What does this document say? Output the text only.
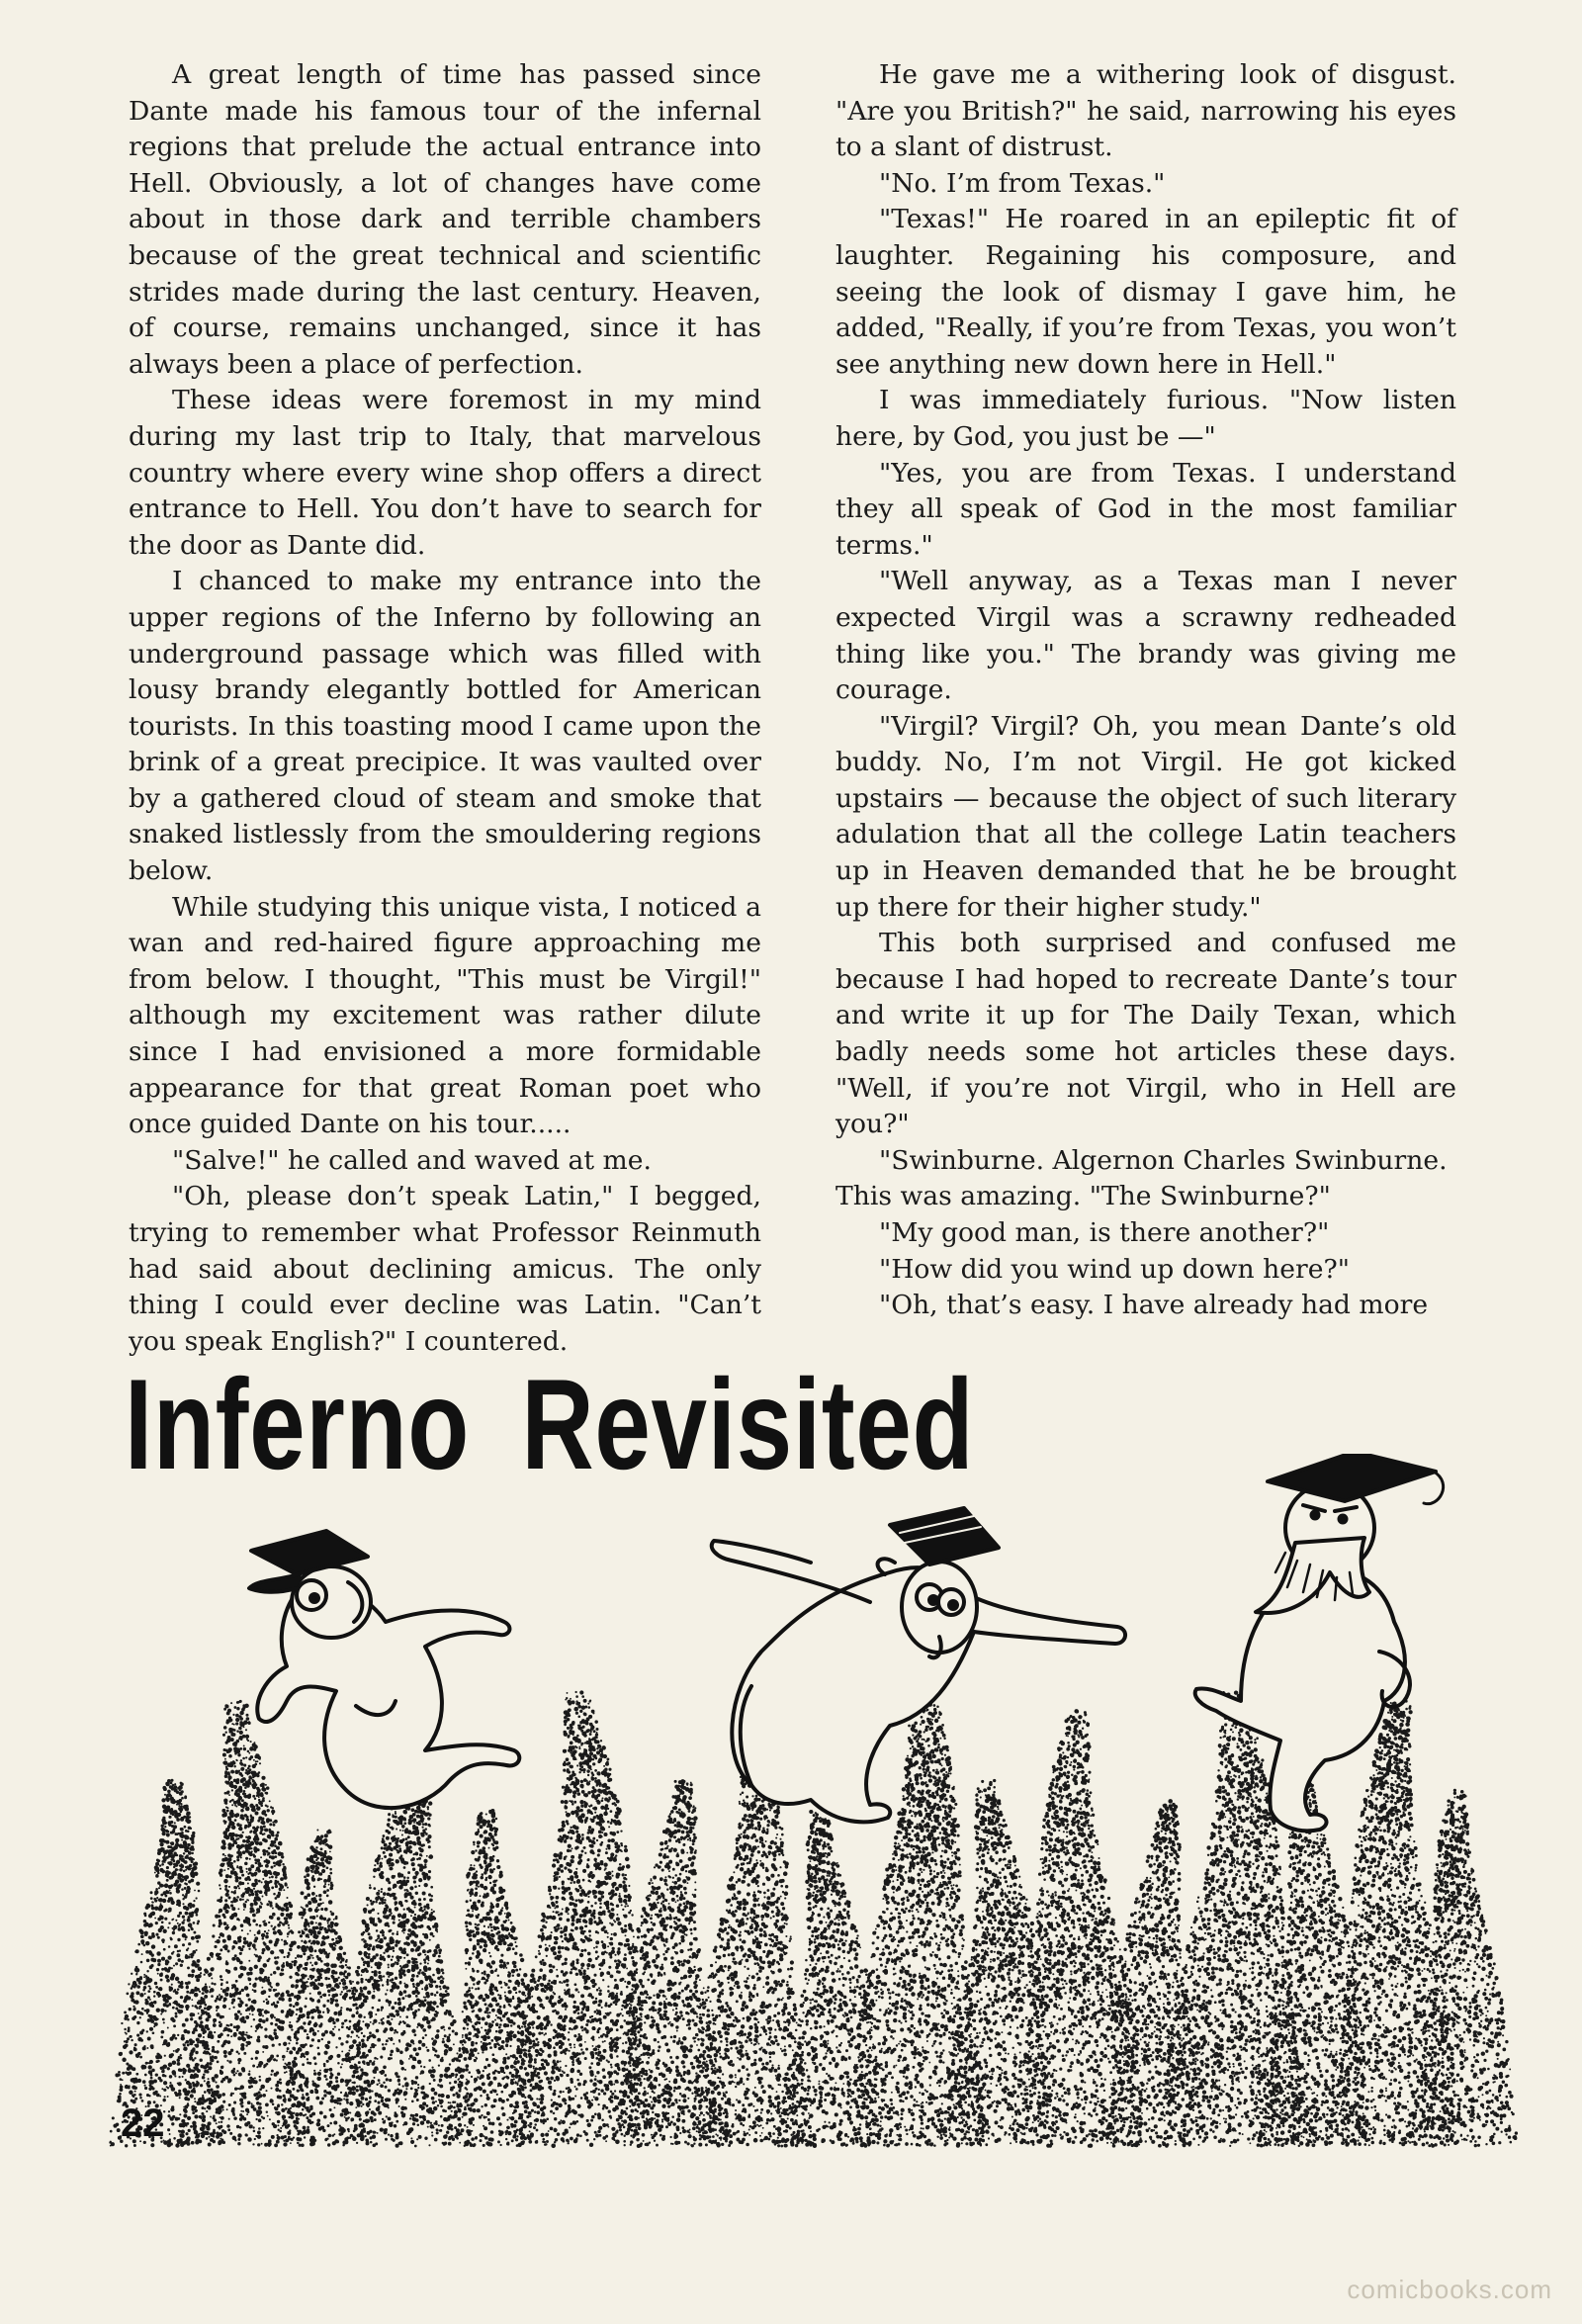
A great length of time has passed since Dante made his famous tour of the infernal regions that prelude the actual entrance into Hell. Obviously, a lot of changes have come about in those dark and terrible chambers because of the great technical and scientific strides made during the last century. Heaven, of course, remains unchanged, since it has always been a place of perfection.

These ideas were foremost in my mind during my last trip to Italy, that marvelous country where every wine shop offers a direct entrance to Hell. You don’t have to search for the door as Dante did.

I chanced to make my entrance into the upper regions of the Inferno by following an underground passage which was filled with lousy brandy elegantly bottled for American tourists. In this toasting mood I came upon the brink of a great precipice. It was vaulted over by a gathered cloud of steam and smoke that snaked listlessly from the smouldering regions below.

While studying this unique vista, I noticed a wan and red-haired figure approaching me from below. I thought, "This must be Virgil!" although my excitement was rather dilute since I had envisioned a more formidable appearance for that great Roman poet who once guided Dante on his tour.....

"Salve!" he called and waved at me.

"Oh, please don’t speak Latin," I begged, trying to remember what Professor Reinmuth had said about declining amicus. The only thing I could ever decline was Latin. "Can’t you speak English?" I countered.

He gave me a withering look of disgust. "Are you British?" he said, narrowing his eyes to a slant of distrust.

"No. I’m from Texas."

"Texas!" He roared in an epileptic fit of laughter. Regaining his composure, and seeing the look of dismay I gave him, he added, "Really, if you’re from Texas, you won’t see anything new down here in Hell."

I was immediately furious. "Now listen here, by God, you just be —"

"Yes, you are from Texas. I understand they all speak of God in the most familiar terms."

"Well anyway, as a Texas man I never expected Virgil was a scrawny redheaded thing like you." The brandy was giving me courage.

"Virgil? Virgil? Oh, you mean Dante’s old buddy. No, I’m not Virgil. He got kicked upstairs — because the object of such literary adulation that all the college Latin teachers up in Heaven demanded that he be brought up there for their higher study."

This both surprised and confused me because I had hoped to recreate Dante’s tour and write it up for The Daily Texan, which badly needs some hot articles these days. "Well, if you’re not Virgil, who in Hell are you?"

"Swinburne. Algernon Charles Swinburne.

This was amazing. "The Swinburne?"

"My good man, is there another?"

"How did you wind up down here?"

"Oh, that’s easy. I have already had more

Inferno Revisited
22
comicbooks.com
